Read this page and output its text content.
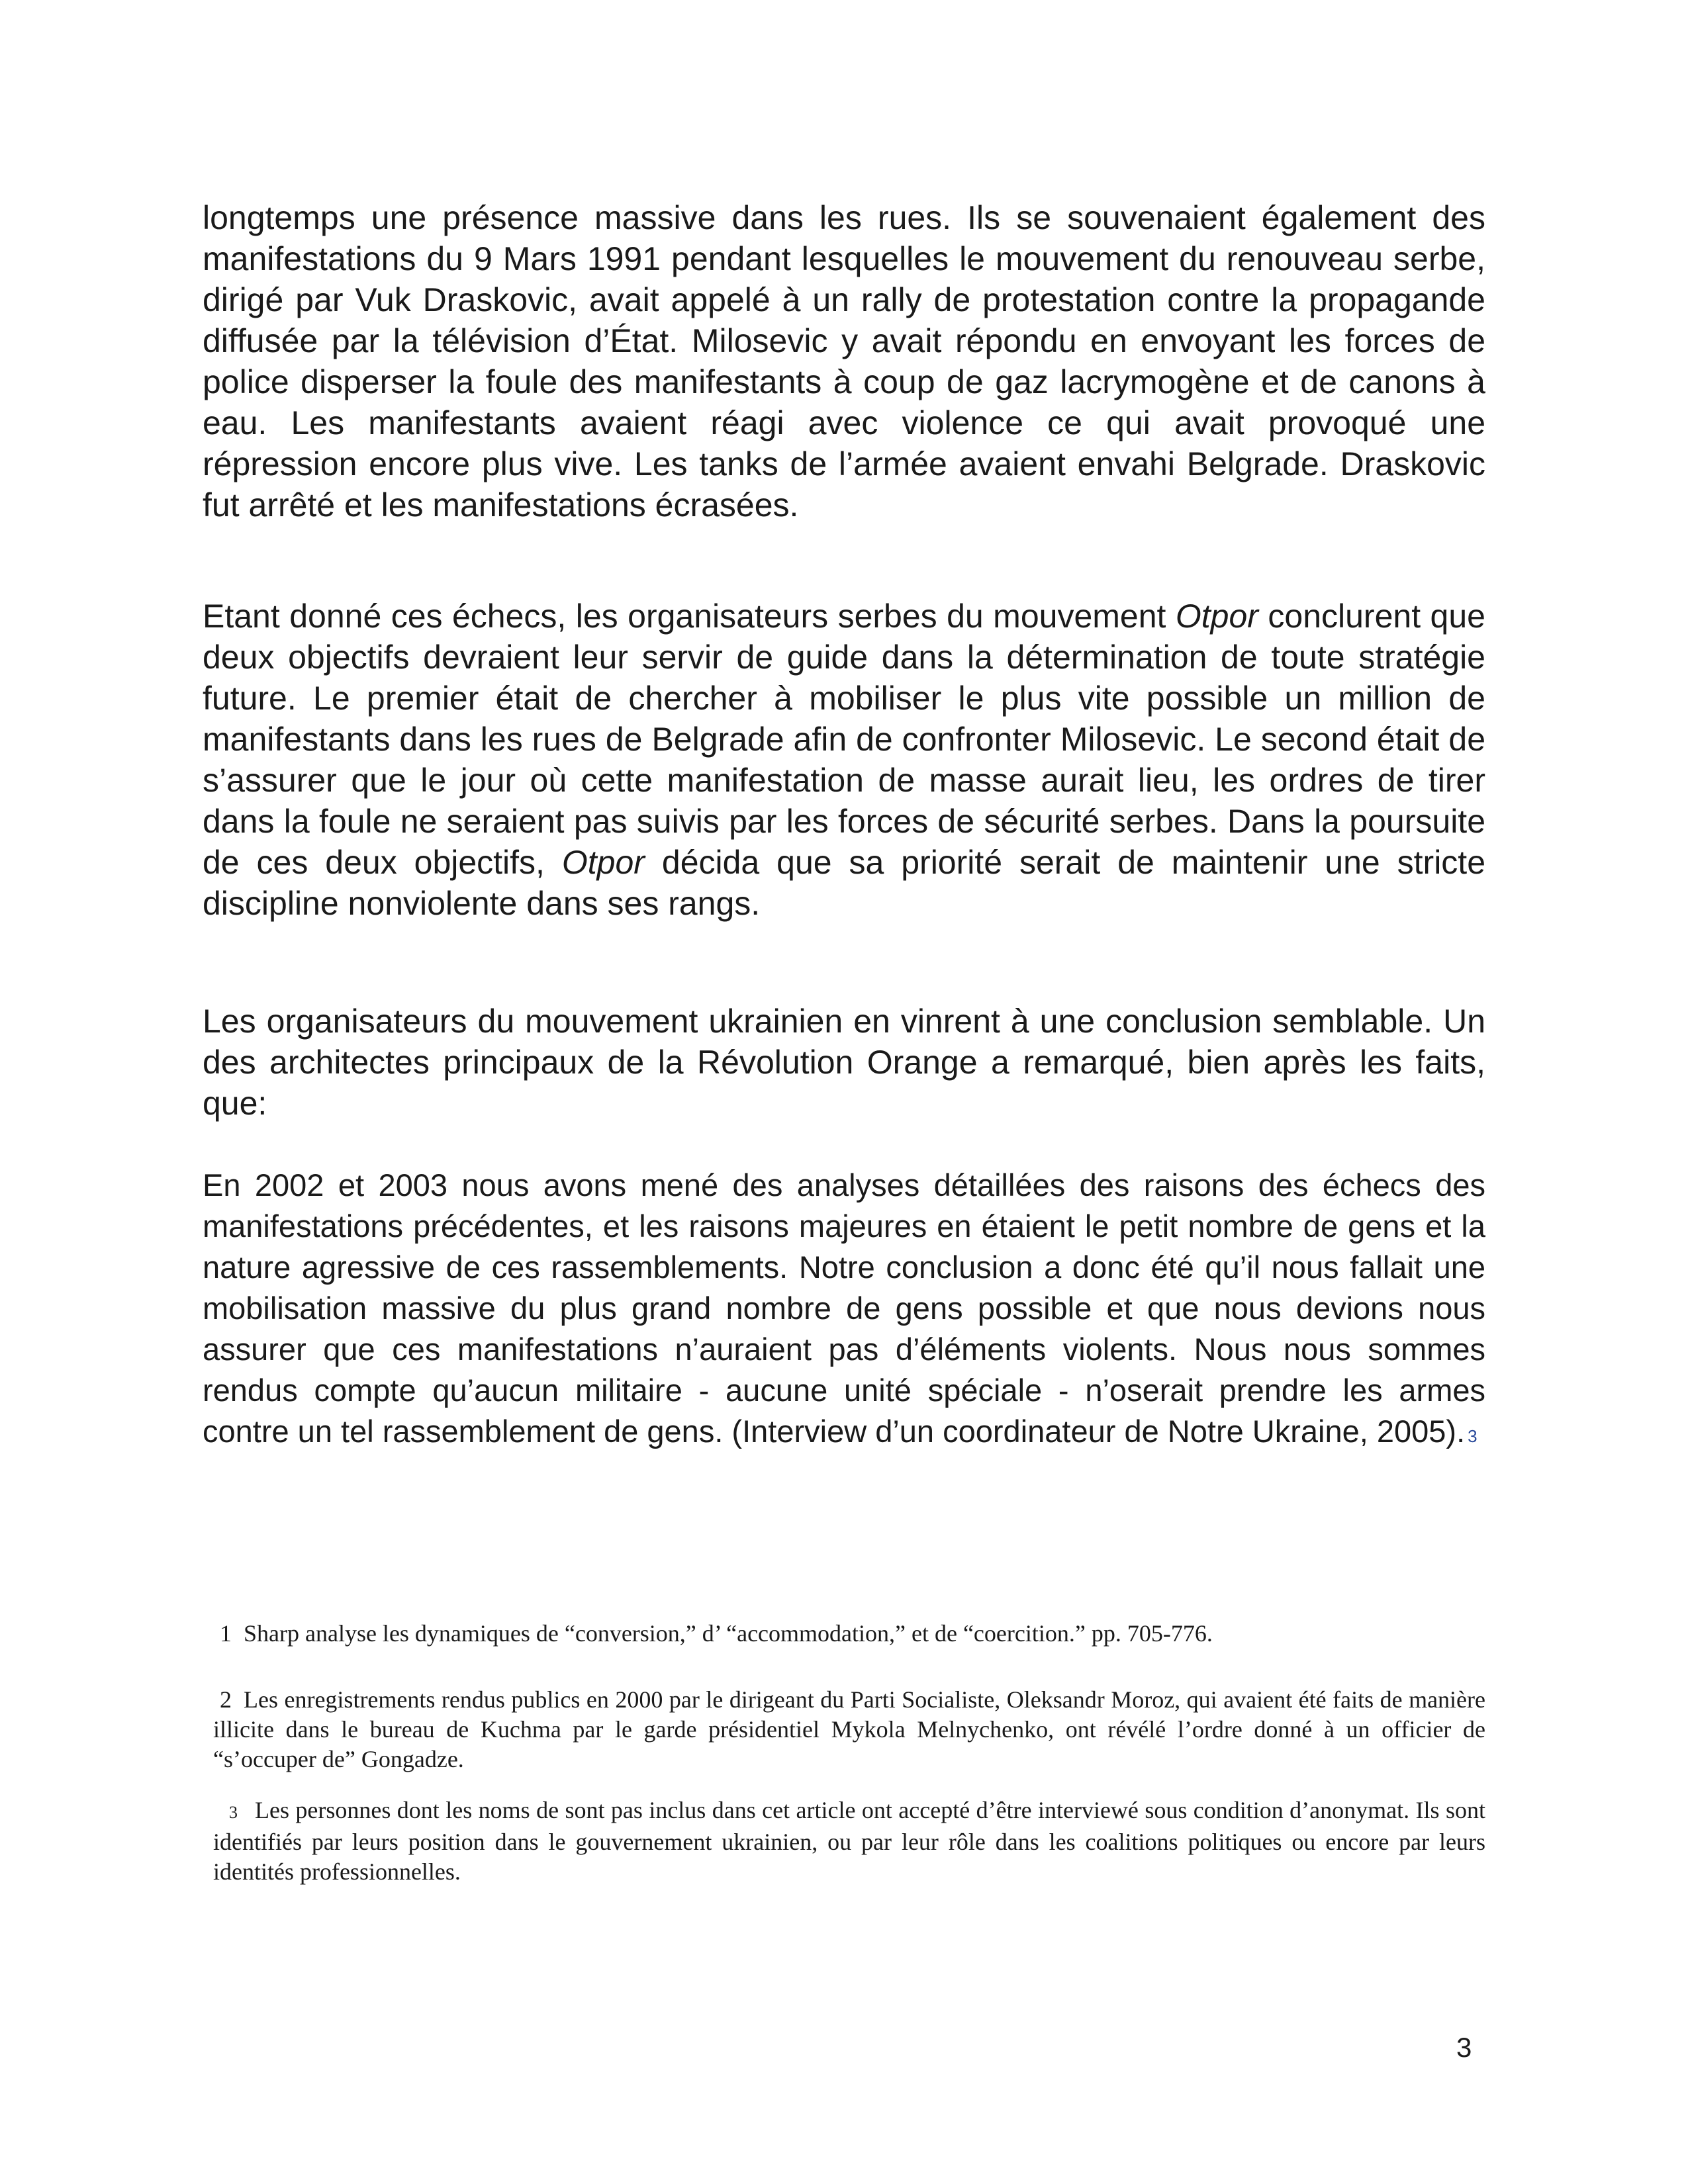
longtemps une présence massive dans les rues. Ils se souvenaient également des manifestations du 9 Mars 1991 pendant lesquelles le mouvement du renouveau serbe, dirigé par Vuk Draskovic, avait appelé à un rally de protestation contre la propagande diffusée par la télévision d’État. Milosevic y avait répondu en envoyant les forces de police disperser la foule des manifestants à coup de gaz lacrymogène et de canons à eau. Les manifestants avaient réagi avec violence ce qui avait provoqué une répression encore plus vive. Les tanks de l’armée avaient envahi Belgrade. Draskovic fut arrêté et les manifestations écrasées.

Etant donné ces échecs, les organisateurs serbes du mouvement Otpor conclurent que deux objectifs devraient leur servir de guide dans la détermination de toute stratégie future. Le premier était de chercher à mobiliser le plus vite possible un million de manifestants dans les rues de Belgrade afin de confronter Milosevic. Le second était de s’assurer que le jour où cette manifestation de masse aurait lieu, les ordres de tirer dans la foule ne seraient pas suivis par les forces de sécurité serbes. Dans la poursuite de ces deux objectifs, Otpor décida que sa priorité serait de maintenir une stricte discipline nonviolente dans ses rangs.

Les organisateurs du mouvement ukrainien en vinrent à une conclusion semblable. Un des architectes principaux de la Révolution Orange a remarqué, bien après les faits, que:

En 2002 et 2003 nous avons mené des analyses détaillées des raisons des échecs des manifestations précédentes, et les raisons majeures en étaient le petit nombre de gens et la nature agressive de ces rassemblements. Notre conclusion a donc été qu’il nous fallait une mobilisation massive du plus grand nombre de gens possible et que nous devions nous assurer que ces manifestations n’auraient pas d’éléments violents. Nous nous sommes rendus compte qu’aucun militaire - aucune unité spéciale - n’oserait prendre les armes contre un tel rassemblement de gens. (Interview d’un coordinateur de Notre Ukraine, 2005). 3

1 Sharp analyse les dynamiques de “conversion,” d’ “accommodation,” et de “coercition.” pp. 705-776.

2 Les enregistrements rendus publics en 2000 par le dirigeant du Parti Socialiste, Oleksandr Moroz, qui avaient été faits de manière illicite dans le bureau de Kuchma par le garde présidentiel Mykola Melnychenko, ont révélé l’ordre donné à un officier de “s’occuper de” Gongadze.

3 Les personnes dont les noms de sont pas inclus dans cet article ont accepté d’être interviewé sous condition d’anonymat. Ils sont identifiés par leurs position dans le gouvernement ukrainien, ou par leur rôle dans les coalitions politiques ou encore par leurs identités professionnelles.

3
